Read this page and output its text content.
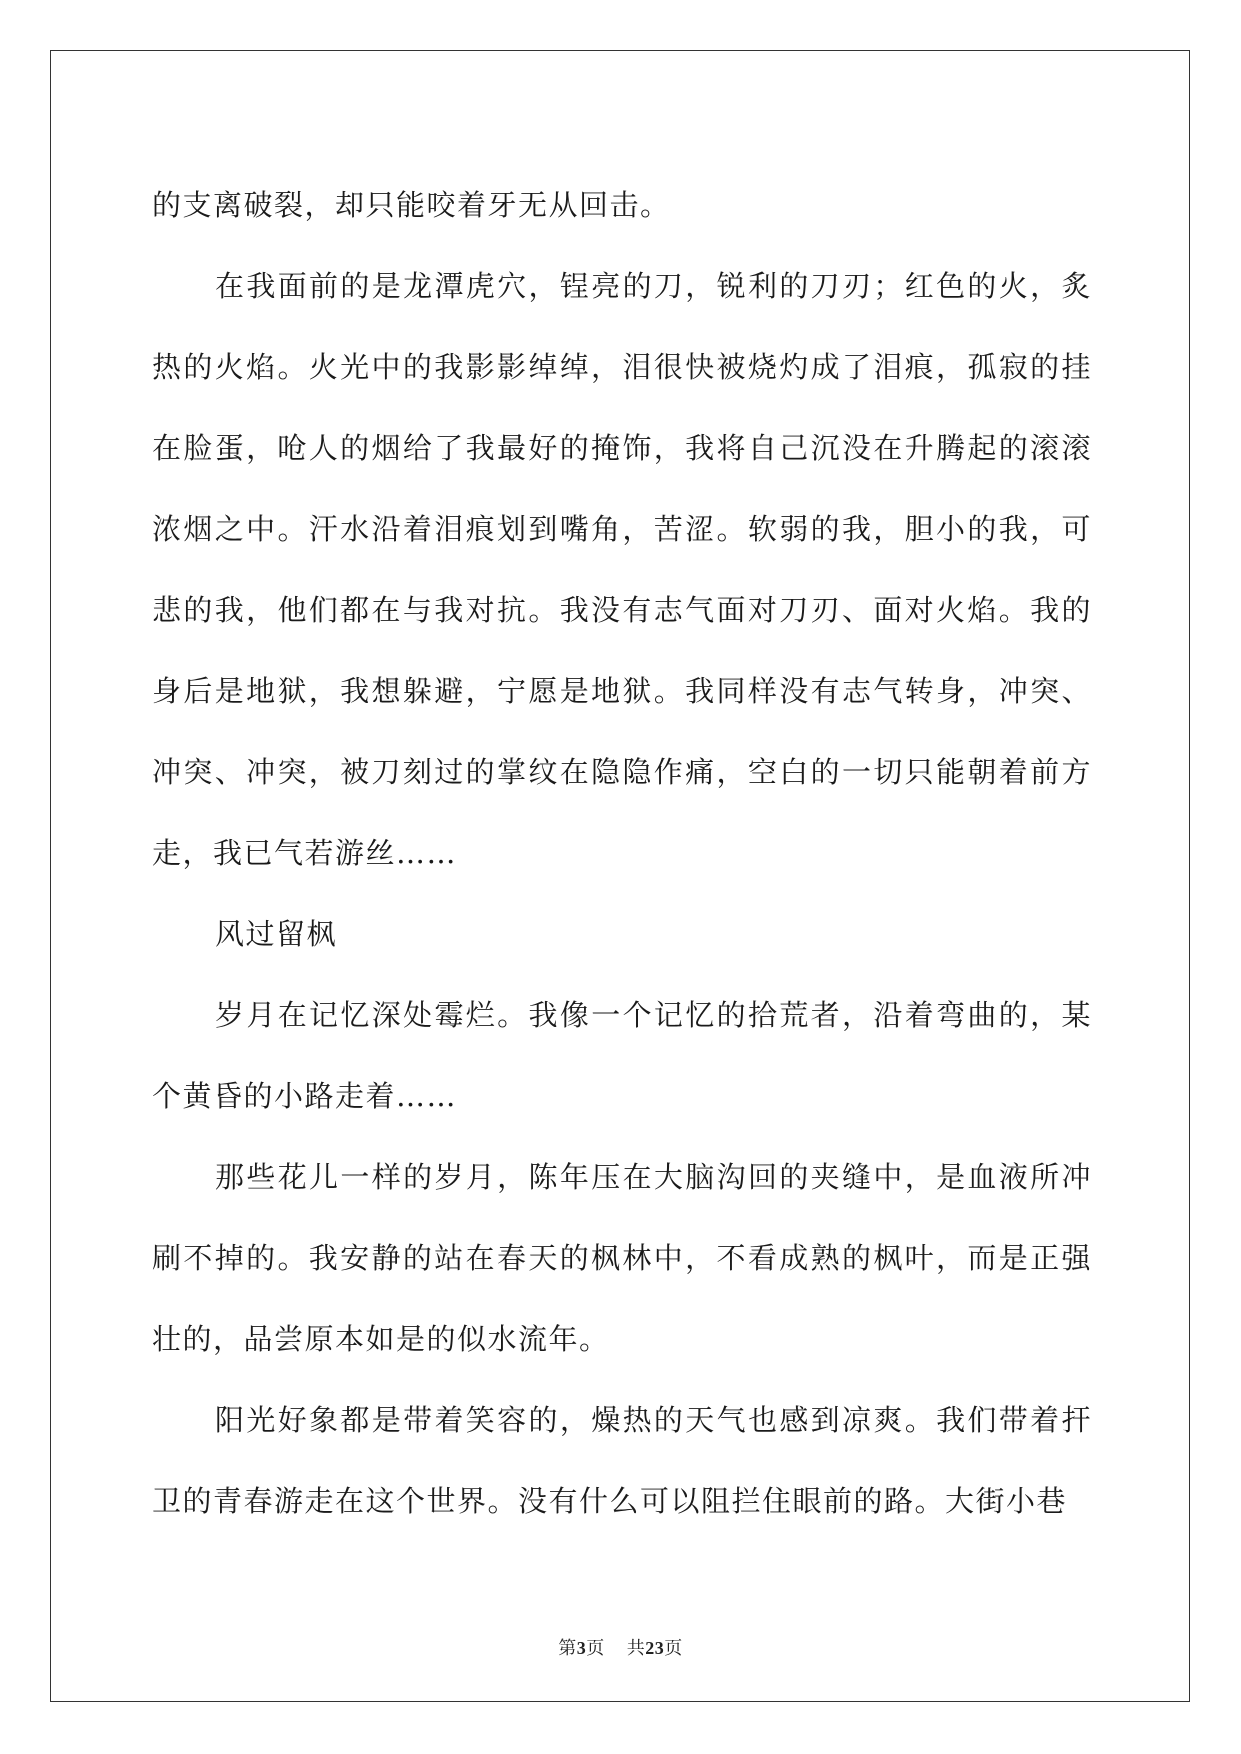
的支离破裂，却只能咬着牙无从回击。

在我面前的是龙潭虎穴，锃亮的刀，锐利的刀刃；红色的火，炙热的火焰。火光中的我影影绰绰，泪很快被烧灼成了泪痕，孤寂的挂在脸蛋，呛人的烟给了我最好的掩饰，我将自己沉没在升腾起的滚滚浓烟之中。汗水沿着泪痕划到嘴角，苦涩。软弱的我，胆小的我，可悲的我，他们都在与我对抗。我没有志气面对刀刃、面对火焰。我的身后是地狱，我想躲避，宁愿是地狱。我同样没有志气转身，冲突、冲突、冲突，被刀刻过的掌纹在隐隐作痛，空白的一切只能朝着前方走，我已气若游丝……

风过留枫

岁月在记忆深处霉烂。我像一个记忆的拾荒者，沿着弯曲的，某个黄昏的小路走着……

那些花儿一样的岁月，陈年压在大脑沟回的夹缝中，是血液所冲刷不掉的。我安静的站在春天的枫林中，不看成熟的枫叶，而是正强壮的，品尝原本如是的似水流年。

阳光好象都是带着笑容的，燥热的天气也感到凉爽。我们带着扞卫的青春游走在这个世界。没有什么可以阻拦住眼前的路。大街小巷

第3页 共23页
